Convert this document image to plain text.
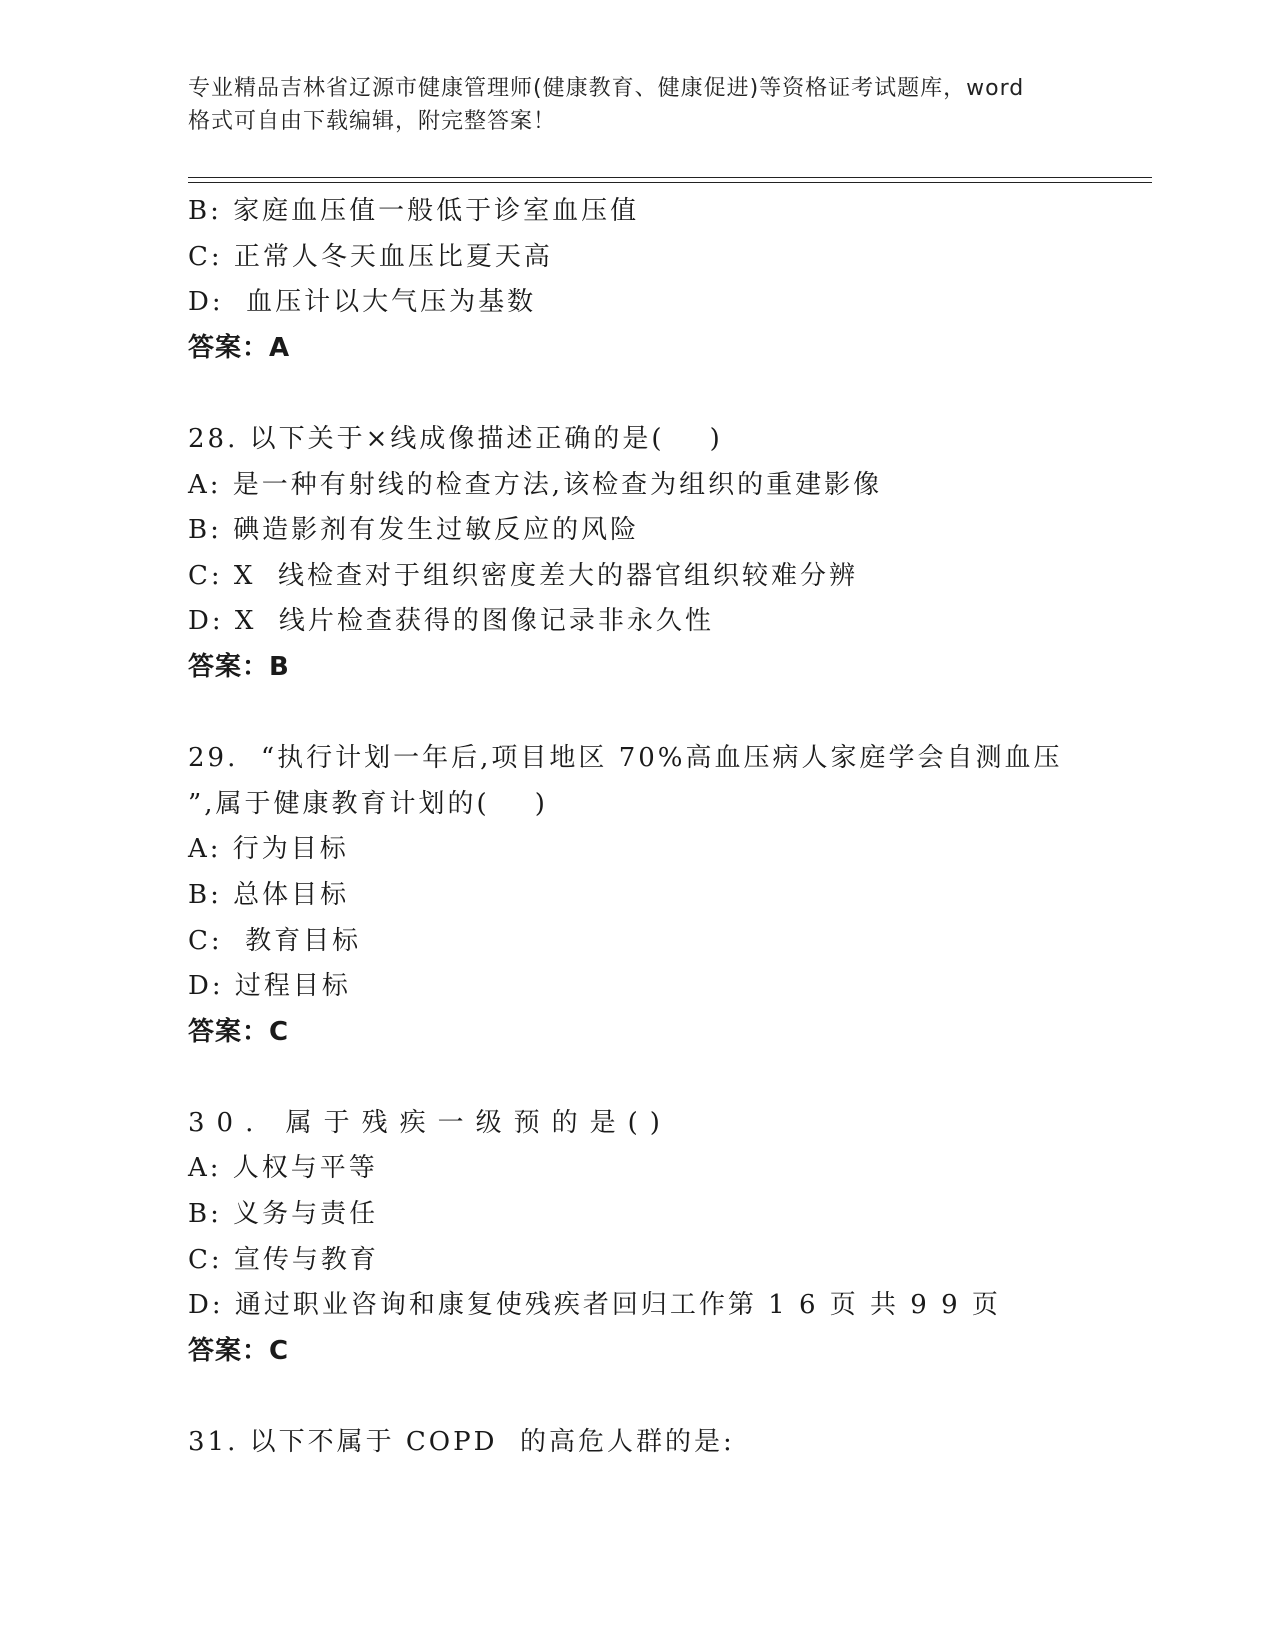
专业精品吉林省辽源市健康管理师(健康教育、健康促进)等资格证考试题库，word
格式可自由下载编辑，附完整答案！
B: 家庭血压值一般低于诊室血压值
C: 正常人冬天血压比夏天高
D:  血压计以大气压为基数
答案：A
28. 以下关于×线成像描述正确的是(    )
A: 是一种有射线的检查方法,该检查为组织的重建影像
B: 碘造影剂有发生过敏反应的风险
C: X  线检查对于组织密度差大的器官组织较难分辨
D: X  线片检查获得的图像记录非永久性
答案：B
29.  “执行计划一年后,项目地区 70%高血压病人家庭学会自测血压
”,属于健康教育计划的(    )
A: 行为目标
B: 总体目标
C:  教育目标
D: 过程目标
答案：C
30. 属于残疾一级预的是()
A: 人权与平等
B: 义务与责任
C: 宣传与教育
D: 通过职业咨询和康复使残疾者回归工作第 1 6 页 共 9 9 页
答案：C
31. 以下不属于 COPD  的高危人群的是:
